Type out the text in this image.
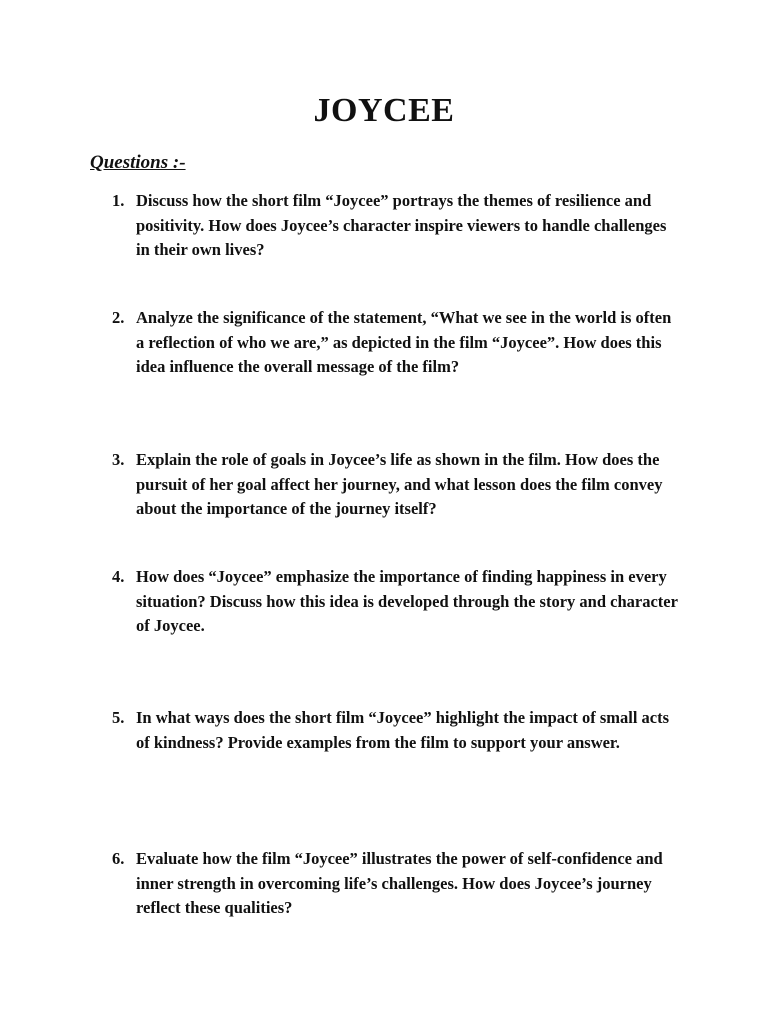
JOYCEE

Questions :-

1. Discuss how the short film “Joycee” portrays the themes of resilience and positivity. How does Joycee’s character inspire viewers to handle challenges in their own lives?
2. Analyze the significance of the statement, “What we see in the world is often a reflection of who we are,” as depicted in the film “Joycee”. How does this idea influence the overall message of the film?
3. Explain the role of goals in Joycee’s life as shown in the film. How does the pursuit of her goal affect her journey, and what lesson does the film convey about the importance of the journey itself?
4. How does “Joycee” emphasize the importance of finding happiness in every situation? Discuss how this idea is developed through the story and character of Joycee.
5. In what ways does the short film “Joycee” highlight the impact of small acts of kindness? Provide examples from the film to support your answer.
6. Evaluate how the film “Joycee” illustrates the power of self-confidence and inner strength in overcoming life’s challenges. How does Joycee’s journey reflect these qualities?
